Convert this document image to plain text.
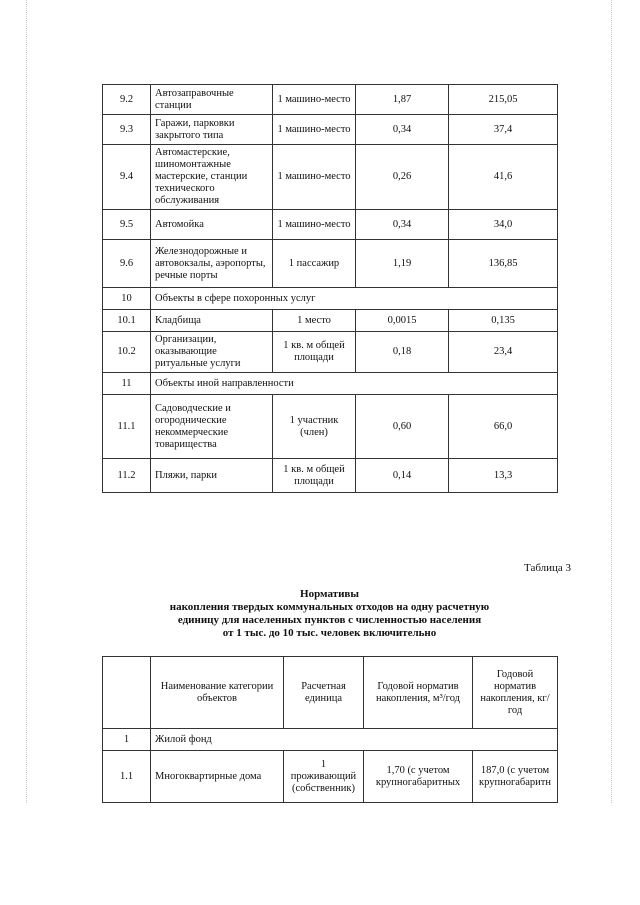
9.2	Автозаправочные станции	1 машино-место	1,87	215,05
9.3	Гаражи, парковки закрытого типа	1 машино-место	0,34	37,4
9.4	Автомастерские, шиномонтажные мастерские, станции технического обслуживания	1 машино-место	0,26	41,6
9.5	Автомойка	1 машино-место	0,34	34,0
9.6	Железнодорожные и автовокзалы, аэропорты, речные порты	1 пассажир	1,19	136,85
10	Объекты в сфере похоронных услуг			
10.1	Кладбища	1 место	0,0015	0,135
10.2	Организации, оказывающие ритуальные услуги	1 кв. м общей площади	0,18	23,4
11	Объекты иной направленности			
11.1	Садоводческие и огороднические некоммерческие товарищества	1 участник (член)	0,60	66,0
11.2	Пляжи, парки	1 кв. м общей площади	0,14	13,3
Таблица 3
Нормативы
накопления твердых коммунальных отходов на одну расчетную
единицу для населенных пунктов с численностью населения
от 1 тыс. до 10 тыс. человек включительно
	Наименование категории объектов	Расчетная единица	Годовой норматив накопления, м³/год	Годовой норматив накопления, кг/год
1	Жилой фонд			
1.1	Многоквартирные дома	1 проживающий (собственник)	1,70 (с учетом крупногабаритных	187,0 (с учетом крупногабаритн
